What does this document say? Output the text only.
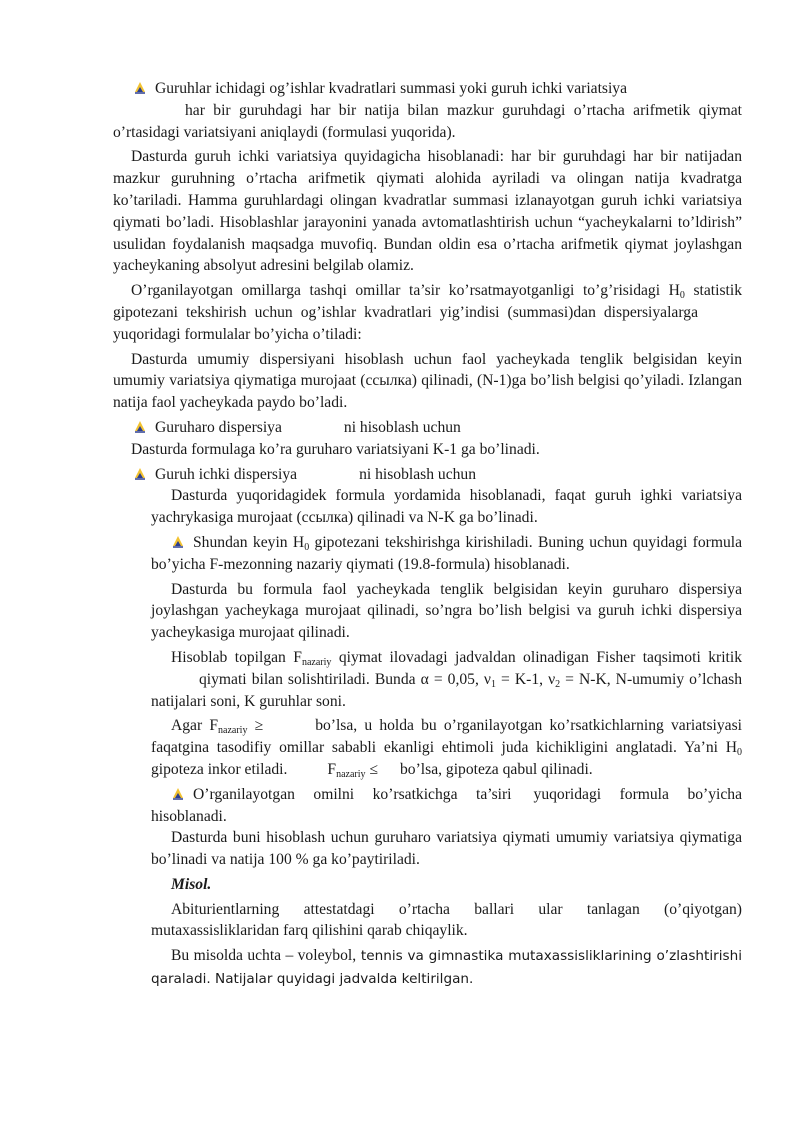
Guruhlar ichidagi og’ishlar kvadratlari summasi yoki guruh ichki variatsiya

har bir guruhdagi har bir natija bilan mazkur guruhdagi o’rtacha arifmetik qiymat o’rtasidagi variatsiyani aniqlaydi (formulasi yuqorida).

Dasturda guruh ichki variatsiya quyidagicha hisoblanadi: har bir guruhdagi har bir natijadan mazkur guruhning o’rtacha arifmetik qiymati alohida ayriladi va olingan natija kvadratga ko’tariladi. Hamma guruhlardagi olingan kvadratlar summasi izlanayotgan guruh ichki variatsiya qiymati bo’ladi. Hisoblashlar jarayonini yanada avtomatlashtirish uchun “yacheykalarni to’ldirish” usulidan foydalanish maqsadga muvofiq. Bundan oldin esa o’rtacha arifmetik qiymat joylashgan yacheykaning absolyut adresini belgilab olamiz.

O’rganilayotgan omillarga tashqi omillar ta’sir ko’rsatmayotganligi to’g’risidagi $H_0$ statistik gipotezani tekshirish uchun og’ishlar kvadratlari yig’indisi (summasi)dan dispersiyalargayuqoridagi formulalar bo’yicha o’tiladi:

Dasturda umumiy dispersiyani hisoblash uchun faol yacheykada tenglik belgisidan keyin umumiy variatsiya qiymatiga murojaat (ссылка) qilinadi, (N-1)ga bo’lish belgisi qo’yiladi. Izlangan natija faol yacheykada paydo bo’ladi.

Guruharo dispersiya	ni hisoblash uchun

Dasturda formulaga ko’ra guruharo variatsiyani K-1 ga bo’linadi.

Guruh ichki dispersiya	ni hisoblash uchun

Dasturda yuqoridagidek formula yordamida hisoblanadi, faqat guruh ighki variatsiya yachrykasiga murojaat (ссылка) qilinadi va N-K ga bo’linadi.

Shundan keyin $H_0$ gipotezani tekshirishga kirishiladi. Buning uchun quyidagi formula bo’yicha F-mezonning nazariy qiymati (19.8-formula) hisoblanadi.

Dasturda bu formula faol yacheykada tenglik belgisidan keyin guruharo dispersiya joylashgan yacheykaga murojaat qilinadi, so’ngra bo’lish belgisi va guruh ichki dispersiya yacheykasiga murojaat qilinadi.

Hisoblab topilgan $F_{nazariy}$ qiymat ilovadagi jadvaldan olinadigan Fisher taqsimoti kritikqiymati bilan solishtiriladi. Bunda α = 0,05, $\nu_1 = K-1$, $\nu_2 = N-K$, N-umumiy o’lchash natijalari soni, K guruhlar soni.

Agar $F_{nazariy}$ ≥	bo’lsa, u holda bu o’rganilayotgan ko’rsatkichlarning variatsiyasi faqatgina tasodifiy omillar sababli ekanligi ehtimoli juda kichikligini anglatadi. Ya’ni $H_0$ gipoteza inkor etiladi.	$F_{nazariy}$ ≤ bo’lsa, gipoteza qabul qilinadi.

O’rganilayotgan omilni ko’rsatkichga ta’siri yuqoridagi formula bo’yicha hisoblanadi.

Dasturda buni hisoblash uchun guruharo variatsiya qiymati umumiy variatsiya qiymatiga bo’linadi va natija 100 % ga ko’paytiriladi.

Misol.

Abiturientlarning attestatdagi o’rtacha ballari ular tanlagan (o’qiyotgan) mutaxassisliklaridan farq qilishini qarab chiqaylik.

Bu misolda uchta – voleybol, tennis va gimnastika mutaxassisliklarining o’zlashtirishi qaraladi. Natijalar quyidagi jadvalda keltirilgan.
